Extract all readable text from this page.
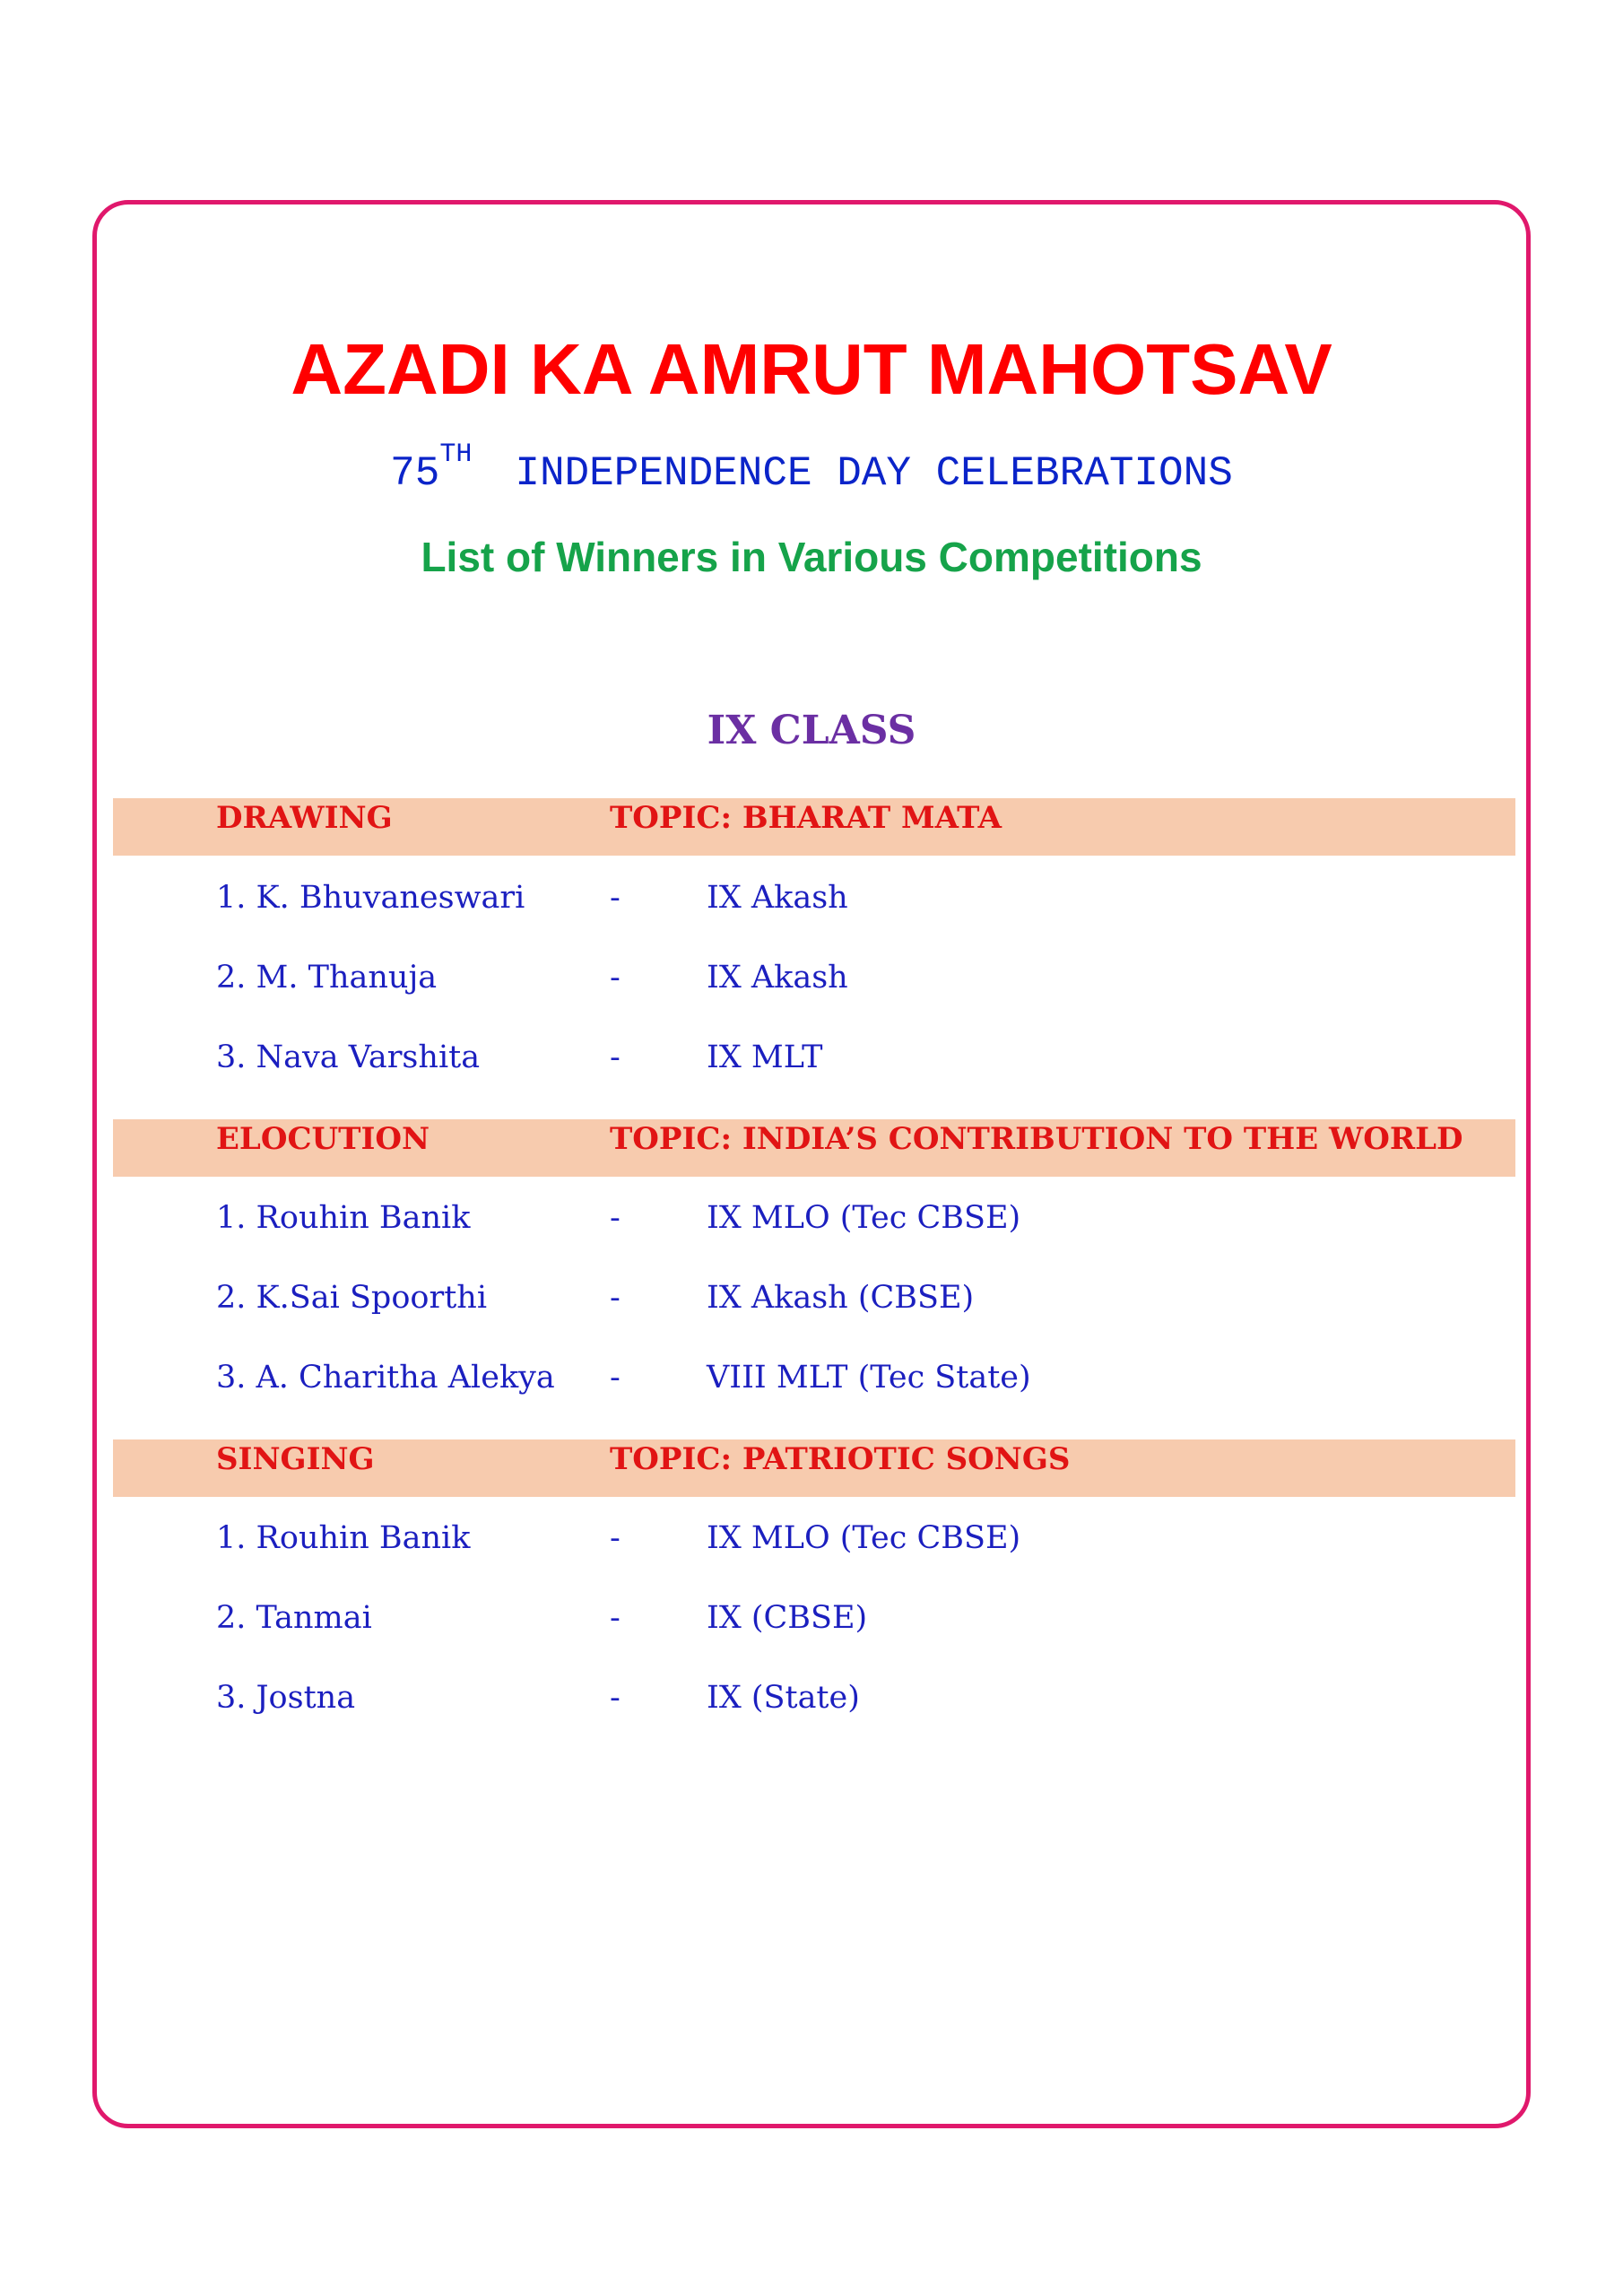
AZADI KA AMRUT MAHOTSAV

75TH INDEPENDENCE DAY CELEBRATIONS

List of Winners in Various Competitions

IX CLASS

DRAWING	TOPIC: BHARAT MATA
1. K. Bhuvaneswari	-	IX Akash
2. M. Thanuja	-	IX Akash
3. Nava Varshita	-	IX MLT
ELOCUTION	TOPIC: INDIA’S CONTRIBUTION TO THE WORLD
1. Rouhin Banik	-	IX MLO (Tec CBSE)
2. K.Sai Spoorthi	-	IX Akash (CBSE)
3. A. Charitha Alekya -	VIII MLT (Tec State)
SINGING	TOPIC: PATRIOTIC SONGS
1. Rouhin Banik	-	IX MLO (Tec CBSE)
2. Tanmai	-	IX (CBSE)
3. Jostna	-	IX (State)
